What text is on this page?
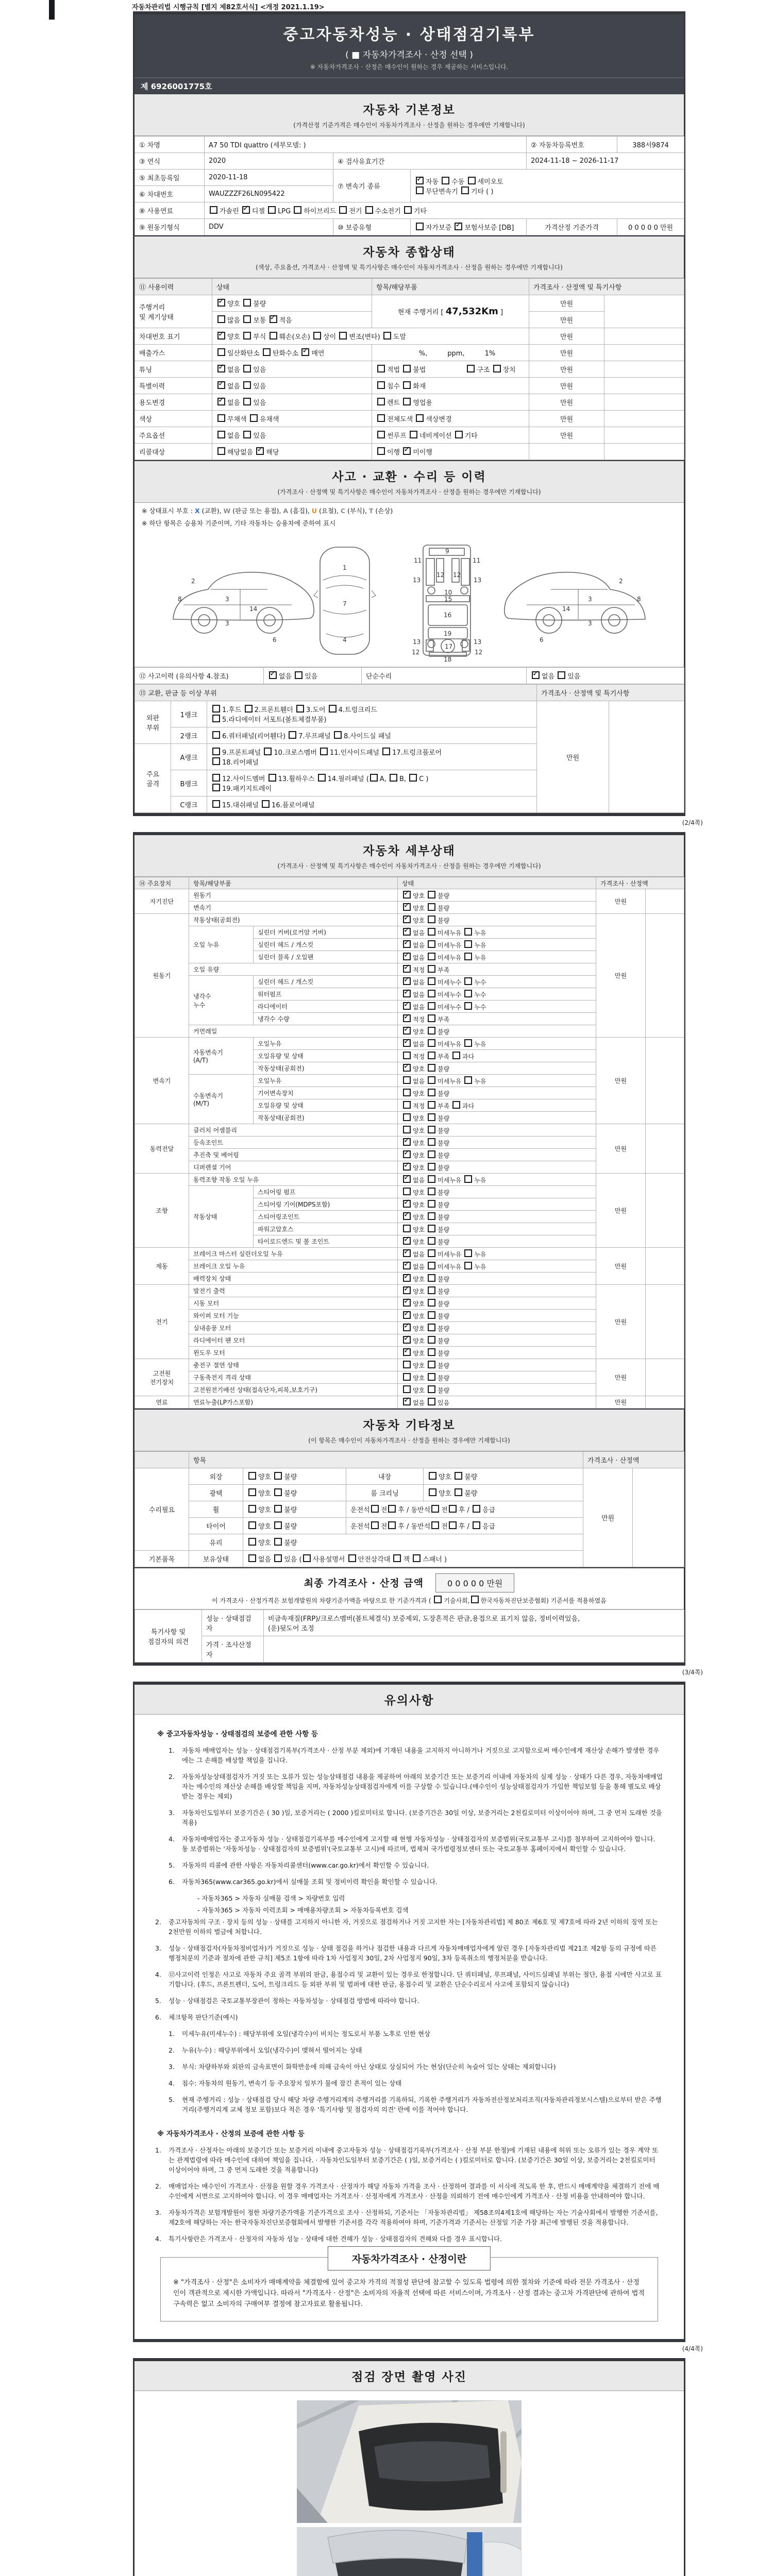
자동차관리법 시행규칙 [별지 제82호서식] <개정 2021.1.19>
중고자동차성능 · 상태점검기록부
( ■ 자동차가격조사 · 산정 선택 )
※ 자동차가격조사 · 산정은 매수인이 원하는 경우 제공하는 서비스입니다.
제 6926001775호
자동차 기본정보
(가격산정 기준가격은 매수인이 자동차가격조사 · 산정을 원하는 경우에만 기재합니다)
① 차명	A7 50 TDI quattro (세부모델: )			② 자동차등록번호	388서9874
③ 연식	2020	④ 검사유효기간		2024-11-18 ~ 2026-11-17	
⑤ 최초등록일	2020-11-18	⑦ 변속기 종류	✓자동 수동 세미오토
무단변속기 기타 ( )
⑥ 차대번호	WAUZZZF26LN095422				
⑧ 사용연료	가솔린 ✓디젤 LPG 하이브리드 전기 수소전기 기타
⑨ 원동기형식	DDV	⑩ 보증유형	자가보증 ✓보험사보증 [DB]	가격산정 기준가격	0 0 0 0 0 만원
자동차 종합상태
(색상, 주요옵션, 가격조사 · 산정액 및 특기사항은 매수인이 자동차가격조사 · 산정을 원하는 경우에만 기재합니다)
⑪ 사용이력	상태	항목/해당부품	가격조사 · 산정액 및 특기사항	
주행거리
및 계기상태	✓양호 불량	현재 주행거리 [ 47,532Km ]	만원	
	많음 보통 ✓적음		만원	
차대번호 표기	✓양호 부식 훼손(오손) 상이 변조(변타) 도말		만원	
배출가스	일산화탄소 탄화수소 ✓매연	　　%,　　　ppm,　　　1%	만원	
튜닝	✓없음 있음	적법 불법　　　　　　구조 장치	만원	
특별이력	✓없음 있음	침수 화재	만원	
용도변경	✓없음 있음	렌트 영업용	만원	
색상	무채색 유채색	전체도색 색상변경	만원	
주요옵션	없음 있음	썬루프 네비게이션 기타	만원	
리콜대상	해당없음 ✓해당	이행 ✓미이행		
사고 · 교환 · 수리 등 이력
(가격조사 · 산정액 및 특기사항은 매수인이 자동차가격조사 · 산정을 원하는 경우에만 기재합니다)
※ 상태표시 부호 : X (교환), W (판금 또는 용접), A (흠집), U (요철), C (부식), T (손상)
※ 하단 항목은 승용차 기준이며, 기타 자동차는 승용차에 준하여 표시
2
8	3
14
3
6
1
7
4
11	11
9
13	13
12 12
10
15
16
13	13
19
12	12
17
18
2
8
3
14
3
6
⑫ 사고이력 (유의사항 4.참조)	✓없음 있음	단순수리	✓없음 있음
⑬ 교환, 판금 등 이상 부위			가격조사 · 산정액 및 특기사항	
외판
부위	1랭크	1.후드 2.프론트휀더 3.도어 4.트렁크리드
5.라디에이터 서포트(볼트체결부품)	만원	
	2랭크	6.쿼터패널(리어휀다) 7.루프패널 8.사이드실 패널		
주요
골격	A랭크	9.프론트패널 10.크로스멤버 11.인사이드패널 17.트렁크플로어
18.리어패널		
	B랭크	12.사이드멤버 13.휠하우스 14.필러패널 ( A, B, C )
19.패키지트레이		
	C랭크	15.대쉬패널 16.플로어패널		
(2/4쪽)
자동차 세부상태
(가격조사 · 산정액 및 특기사항은 매수인이 자동차가격조사 · 산정을 원하는 경우에만 기재합니다)
⑭ 주요장치	항목/해당부품		상태	가격조사 · 산정액	
자기진단	원동기	✓양호 불량	만원	
	변속기	✓양호 불량
원동기	작동상태(공회전)	✓양호 불량	만원	
	오일 누유	실린더 커버(로커암 커버)	✓없음 미세누유 누유
		실린더 헤드 / 개스킷	✓없음 미세누유 누유
		실린더 블록 / 오일팬	✓없음 미세누유 누유
	오일 유량	✓적정 부족
	냉각수
누수	실린더 헤드 / 개스킷	✓없음 미세누수 누수
		워터펌프	✓없음 미세누수 누수
		라디에이터	✓없음 미세누수 누수
		냉각수 수량	✓적정 부족
	커먼레일	✓양호 불량
변속기	자동변속기
(A/T)	오일누유	✓없음 미세누유 누유	만원	
		오일유량 및 상태	적정 부족 과다		
		작동상태(공회전)	✓양호 불량
	수동변속기
(M/T)	오일누유	없음 미세누유 누유		
		기어변속장치	양호 불량		
		오일유량 및 상태	적정 부족 과다		
		작동상태(공회전)	양호 불량		
동력전달	클러치 어셈블리		양호 불량	만원	
	등속조인트	✓양호 불량
	추진축 및 베어링	✓양호 불량
	디퍼렌셜 기어	✓양호 불량
조향	동력조향 작동 오일 누유	✓없음 미세누유 누유	만원	
	작동상태	스티어링 펌프	양호 불량		
		스티어링 기어(MDPS포함)	✓양호 불량
		스티어링조인트	✓양호 불량
		파워고압호스	양호 불량		
		타이로드엔드 및 볼 조인트	✓양호 불량
제동	브레이크 마스터 실린더오일 누유	✓없음 미세누유 누유	만원	
	브레이크 오일 누유	✓없음 미세누유 누유
	배력장치 상태	✓양호 불량
전기	발전기 출력	✓양호 불량	만원	
	시동 모터	✓양호 불량
	와이퍼 모터 기능	✓양호 불량
	실내송풍 모터	✓양호 불량
	라디에이터 팬 모터	✓양호 불량
	윈도우 모터	✓양호 불량
고전원
전기장치	충전구 절연 상태		양호 불량	만원	
	구동축전지 격리 상태		양호 불량		
	고전원전기배선 상태(접속단자,피복,보호기구)		양호 불량		
연료	연료누출(LP가스포함)	✓없음 있음	만원	
자동차 기타정보
(이 항목은 매수인이 자동차가격조사 · 산정을 원하는 경우에만 기재합니다)
	항목				가격조사 · 산정액	
수리필요	외장	양호 불량	내장	양호 불량	만원	
	광택	양호 불량	룸 크리닝	양호 불량		
	휠	양호 불량	운전석 전 후 / 동반석 전 후 / 응급			
	타이어	양호 불량	운전석 전 후 / 동반석 전 후 / 응급			
	유리	양호 불량				
기본품목	보유상태	없음 있음 ( 사용설명서 안전삼각대 잭 스패너 )				
최종 가격조사 · 산정 금액	0 0 0 0 0 만원
이 가격조사 · 산정가격은 보험개발원의 차량기준가액을 바탕으로 한 기준가격과 ( 기술사회, 한국자동차진단보증협회) 기준서를 적용하였음
특기사항 및
점검자의 의견	성능 · 상태점검
자	비금속재질(FRP)/크로스멤버(볼트체결식) 보증제외, 도장흔적은 판금,용접으로 표기치 않음, 정비이력있음,
(운)뒷도어 조정
	가격 · 조사산정
자	

(3/4쪽)
유의사항
※ 중고자동차성능 · 상태점검의 보증에 관한 사항 등
1.	자동차 매매업자는 성능 · 상태점검기록부(가격조사 · 산정 부분 제외)에 기재된 내용을 고지하지 아니하거나 거짓으로 고지함으로써 매수인에게 재산상 손해가 발생한 경우에는 그 손해를 배상할 책임을 집니다.
2.	자동차성능상태점검자가 거짓 또는 오류가 있는 성능상태점검 내용을 제공하여 아래의 보증기간 또는 보증거리 이내에 자동차의 실제 성능 · 상태가 다른 경우, 자동차매매업자는 매수인의 재산상 손해를 배상할 책임을 지며, 자동차성능상태점검자에게 이를 구상할 수 있습니다.(매수인이 성능상태점검자가 가입한 책임보험 등을 통해 별도로 배상받는 경우는 제외)
3.	자동차인도일부터 보증기간은 ( 30 )일, 보증거리는 ( 2000 )킬로미터로 합니다. (보증기간은 30일 이상, 보증거리는 2천킬로미터 이상이어야 하며, 그 중 먼저 도래한 것을 적용)
4.	자동차매매업자는 중고자동차 성능 · 상태점검기록부를 매수인에게 고지할 때 현행 자동차성능 · 상태점검자의 보증범위(국토교통부 고시)를 첨부하여 고지하여야 합니다. 동 보증범위는 '자동차성능 · 상태점검자의 보증범위'(국토교통부 고시)에 따르며, 법제처 국가법령정보센터 또는 국토교통부 홈페이지에서 확인할 수 있습니다.
5.	자동차의 리콜에 관한 사항은 자동차리콜센터(www.car.go.kr)에서 확인할 수 있습니다.
6.	자동차365(www.car365.go.kr)에서 실매물 조회 및 정비이력 확인을 확인할 수 있습니다.
- 자동차365 > 자동차 실매물 검색 > 차량번호 입력
- 자동차365 > 자동차 이력조회 > 매매용차량조회 > 자동차등록번호 검색
2.	중고자동차의 구조 · 장치 등의 성능 · 상태를 고지하지 아니한 자, 거짓으로 점검하거나 거짓 고지한 자는 [자동차관리법] 제 80조 제6호 및 제7호에 따라 2년 이하의 징역 또는 2천만원 이하의 벌금에 처합니다.
3.	성능 · 상태점검자(자동차정비업자)가 거짓으로 성능 · 상태 점검을 하거나 점검한 내용과 다르게 자동차매매업자에게 알린 경우 [자동차관리법 제21조 제2항 등의 규정에 따른 행정처분의 기준과 절차에 관한 규칙] 제5조 1항에 따라 1차 사업정지 30일, 2차 사업정지 90일, 3차 등록취소의 행정처분을 받습니다.
4.	⑫사고이력 인정은 사고로 자동차 주요 골격 부위의 판금, 용접수리 및 교환이 있는 경우로 한정합니다. 단 쿼터패널, 루프패널, 사이드실패널 부위는 절단, 용접 시에만 사고로 표기합니다. (후드, 프론트펜더, 도어, 트렁크리드 등 외판 부위 및 범퍼에 대한 판금, 용접수리 및 교환은 단순수리로서 사고에 포함되지 않습니다)
5.	성능 · 상태점검은 국토교통부장관이 정하는 자동차성능 · 상태점검 방법에 따라야 합니다.
6.	체크항목 판단기준(예시)
1.	미세누유(미세누수) : 해당부위에 오일(냉각수)이 비치는 정도로서 부품 노후로 인한 현상
2.	누유(누수) : 해당부위에서 오일(냉각수)이 맺혀서 떨어지는 상태
3.	부식: 차량하부와 외판의 금속표면이 화학반응에 의해 금속이 아닌 상태로 상실되어 가는 현상(단순히 녹슬어 있는 상태는 제외합니다)
4.	침수: 자동차의 원동기, 변속기 등 주요장치 일부가 물에 잠긴 흔적이 있는 상태
5.	현재 주행거리 : 성능 · 상태점검 당시 해당 차량 주행거리계의 주행거리를 기록하되, 기록한 주행거리가 자동차전산정보처리조직(자동차관리정보시스템)으로부터 받은 주행거리(주행거리계 교체 정보 포함)보다 적은 경우 '특기사항 및 점검자의 의견' 란에 이를 적어야 합니다.
※ 자동차가격조사 · 산정의 보증에 관한 사항 등
1.	가격조사 · 산정자는 아래의 보증기간 또는 보증거리 이내에 중고자동차 성능 · 상태점검기록부(가격조사 · 산정 부분 한정)에 기재된 내용에 허위 또는 오류가 있는 경우 계약 또는 관계법령에 따라 매수인에 대하여 책임을 집니다. · 자동차인도일부터 보증기간은 ( )일, 보증거리는 ( )킬로미터로 합니다. (보증기간은 30일 이상, 보증거리는 2천킬로미터 이상이어야 하며, 그 중 먼저 도래한 것을 적용합니다)
2.	매매업자는 매수인이 가격조사 · 산정을 원할 경우 가격조사 · 산정자가 해당 자동차 가격을 조사 · 산정하여 결과를 이 서식에 적도록 한 후, 반드시 매매계약을 체결하기 전에 매수인에게 서면으로 고지하여야 합니다. 이 경우 매매업자는 가격조사 · 산정자에게 가격조사 · 산정을 의뢰하기 전에 매수인에게 가격조사 · 산정 비용을 안내하여야 합니다.
3.	자동차가격은 보험개발원이 정한 차량기준가액을 기준가격으로 조사 · 산정하되, 기준서는 「자동차관리법」 제58조의4제1호에 해당하는 자는 기술사회에서 발행한 기준서를, 제2호에 해당하는 자는 한국자동차진단보증협회에서 발행한 기준서를 각각 적용하여야 하며, 기준가격과 기준서는 산정일 기준 가장 최근에 발행된 것을 적용합니다.
4.	특기사항란은 가격조사 · 산정자의 자동차 성능 · 상태에 대한 견해가 성능 · 상태점검자의 견해와 다를 경우 표시합니다.
자동차가격조사 · 산정이란
※ "가격조사 · 산정"은 소비자가 매매계약을 체결함에 있어 중고차 가격의 적절성 판단에 참고할 수 있도록 법령에 의한 절차와 기준에 따라 전문 가격조사 · 산정인이 객관적으로 제시한 가액입니다. 따라서 "가격조사 · 산정"은 소비자의 자율적 선택에 따른 서비스이며, 가격조사 · 산정 결과는 중고차 가격판단에 관하여 법적 구속력은 없고 소비자의 구매여부 결정에 참고자료로 활용됩니다.
(4/4쪽)
점검 장면 촬영 사진
